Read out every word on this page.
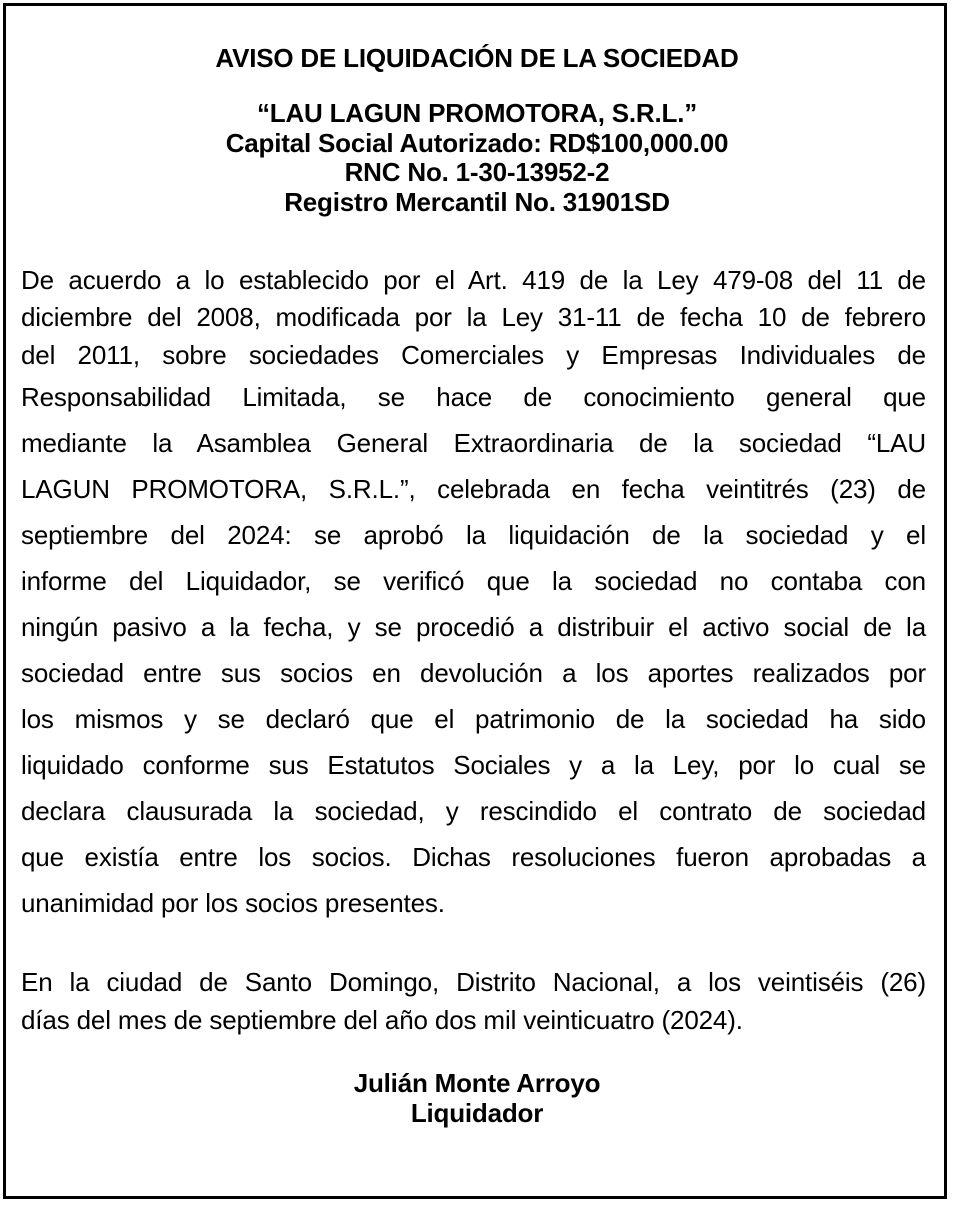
AVISO DE LIQUIDACIÓN DE LA SOCIEDAD
“LAU LAGUN PROMOTORA, S.R.L.”
Capital Social Autorizado: RD$100,000.00
RNC No. 1-30-13952-2
Registro Mercantil No. 31901SD
De acuerdo a lo establecido por el Art. 419 de la Ley 479-08 del 11 de
diciembre del 2008, modificada por la Ley 31-11 de fecha 10 de febrero
del 2011, sobre sociedades Comerciales y Empresas Individuales de
Responsabilidad Limitada, se hace de conocimiento general que
mediante la Asamblea General Extraordinaria de la sociedad “LAU
LAGUN PROMOTORA, S.R.L.”, celebrada en fecha veintitrés (23) de
septiembre del 2024: se aprobó la liquidación de la sociedad y el
informe del Liquidador, se verificó que la sociedad no contaba con
ningún pasivo a la fecha, y se procedió a distribuir el activo social de la
sociedad entre sus socios en devolución a los aportes realizados por
los mismos y se declaró que el patrimonio de la sociedad ha sido
liquidado conforme sus Estatutos Sociales y a la Ley, por lo cual se
declara clausurada la sociedad, y rescindido el contrato de sociedad
que existía entre los socios. Dichas resoluciones fueron aprobadas a
unanimidad por los socios presentes.
En la ciudad de Santo Domingo, Distrito Nacional, a los veintiséis (26)
días del mes de septiembre del año dos mil veinticuatro (2024).
Julián Monte Arroyo
Liquidador
